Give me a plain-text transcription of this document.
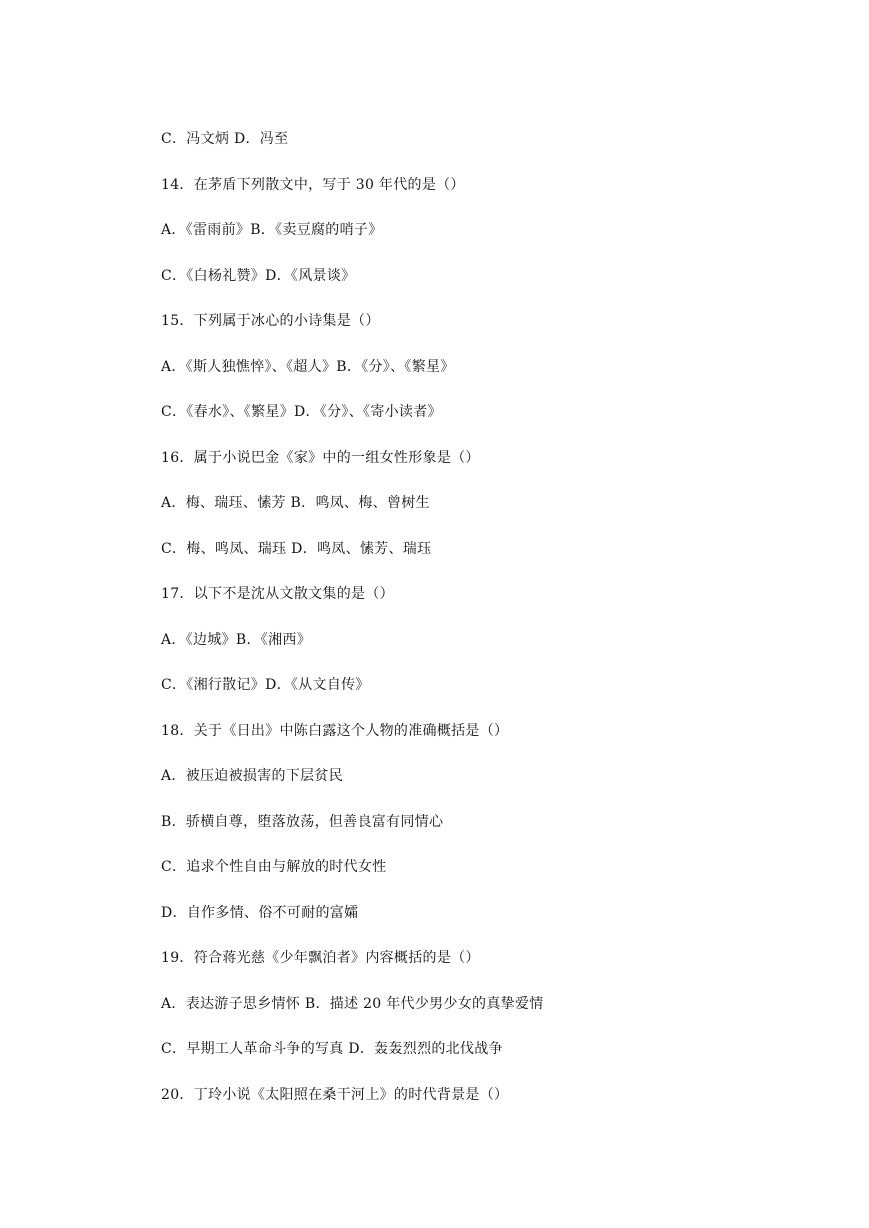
C．冯文炳 D．冯至
14．在茅盾下列散文中，写于 30 年代的是（）
A．《雷雨前》B．《卖豆腐的哨子》
C．《白杨礼赞》D．《风景谈》
15．下列属于冰心的小诗集是（）
A．《斯人独憔悴》、《超人》B．《分》、《繁星》
C．《春水》、《繁星》D．《分》、《寄小读者》
16．属于小说巴金《家》中的一组女性形象是（）
A．梅、瑞珏、愫芳 B．鸣凤、梅、曾树生
C．梅、鸣凤、瑞珏 D．鸣凤、愫芳、瑞珏
17．以下不是沈从文散文集的是（）
A．《边城》B．《湘西》
C．《湘行散记》D．《从文自传》
18．关于《日出》中陈白露这个人物的准确概括是（）
A．被压迫被损害的下层贫民
B．骄横自尊，堕落放荡，但善良富有同情心
C．追求个性自由与解放的时代女性
D．自作多情、俗不可耐的富孀
19．符合蒋光慈《少年飘泊者》内容概括的是（）
A．表达游子思乡情怀 B．描述 20 年代少男少女的真挚爱情
C．早期工人革命斗争的写真 D．轰轰烈烈的北伐战争
20．丁玲小说《太阳照在桑干河上》的时代背景是（）
